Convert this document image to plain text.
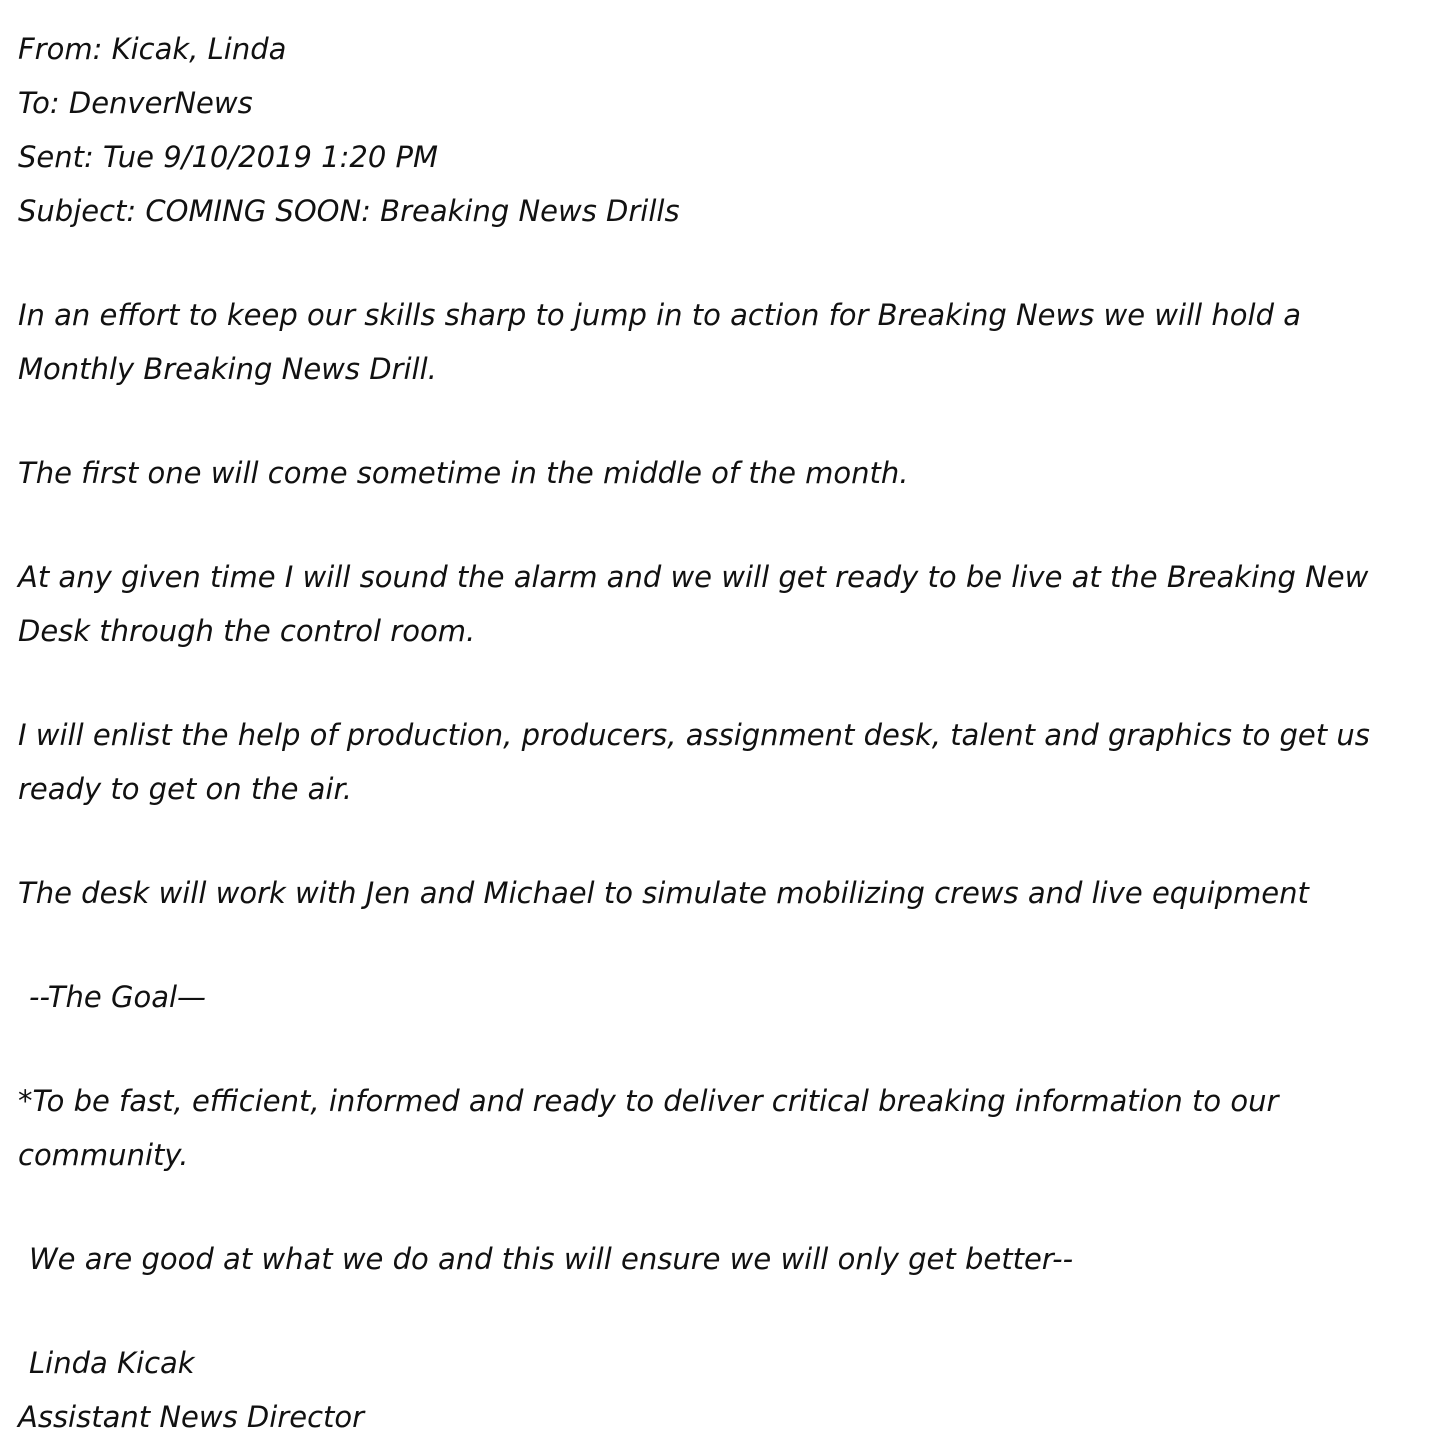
From: Kicak, Linda
To: DenverNews
Sent: Tue 9/10/2019 1:20 PM
Subject: COMING SOON: Breaking News Drills
In an effort to keep our skills sharp to jump in to action for Breaking News we will hold a
Monthly Breaking News Drill.
The first one will come sometime in the middle of the month.
At any given time I will sound the alarm and we will get ready to be live at the Breaking New
Desk through the control room.
I will enlist the help of production, producers, assignment desk, talent and graphics to get us
ready to get on the air.
The desk will work with Jen and Michael to simulate mobilizing crews and live equipment
--The Goal—
*To be fast, efficient, informed and ready to deliver critical breaking information to our
community.
We are good at what we do and this will ensure we will only get better--
Linda Kicak
Assistant News Director
